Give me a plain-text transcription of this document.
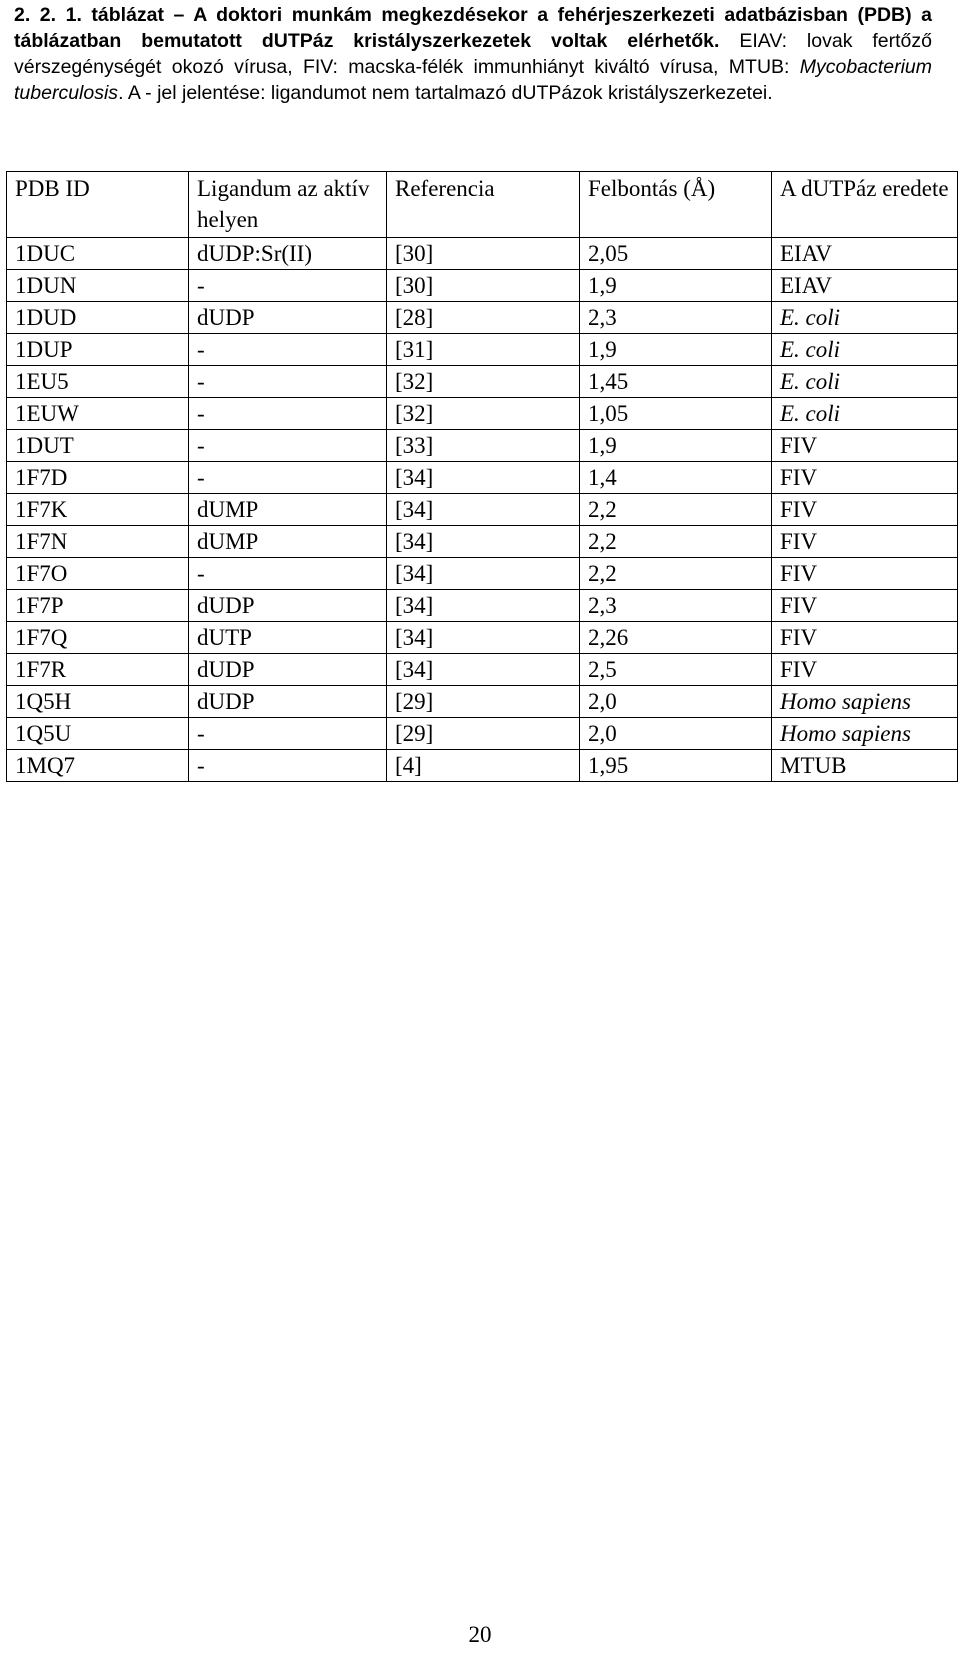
2. 2. 1. táblázat – A doktori munkám megkezdésekor a fehérjeszerkezeti adatbázisban (PDB) a táblázatban bemutatott dUTPáz kristályszerkezetek voltak elérhetők. EIAV: lovak fertőző vérszegénységét okozó vírusa, FIV: macska-félék immunhiányt kiváltó vírusa, MTUB: Mycobacterium tuberculosis. A - jel jelentése: ligandumot nem tartalmazó dUTPázok kristályszerkezetei.
PDB ID	Ligandum az aktív helyen	Referencia	Felbontás (Å)	A dUTPáz eredete
1DUC	dUDP:Sr(II)	[30]	2,05	EIAV
1DUN	-	[30]	1,9	EIAV
1DUD	dUDP	[28]	2,3	E. coli
1DUP	-	[31]	1,9	E. coli
1EU5	-	[32]	1,45	E. coli
1EUW	-	[32]	1,05	E. coli
1DUT	-	[33]	1,9	FIV
1F7D	-	[34]	1,4	FIV
1F7K	dUMP	[34]	2,2	FIV
1F7N	dUMP	[34]	2,2	FIV
1F7O	-	[34]	2,2	FIV
1F7P	dUDP	[34]	2,3	FIV
1F7Q	dUTP	[34]	2,26	FIV
1F7R	dUDP	[34]	2,5	FIV
1Q5H	dUDP	[29]	2,0	Homo sapiens
1Q5U	-	[29]	2,0	Homo sapiens
1MQ7	-	[4]	1,95	MTUB
20
